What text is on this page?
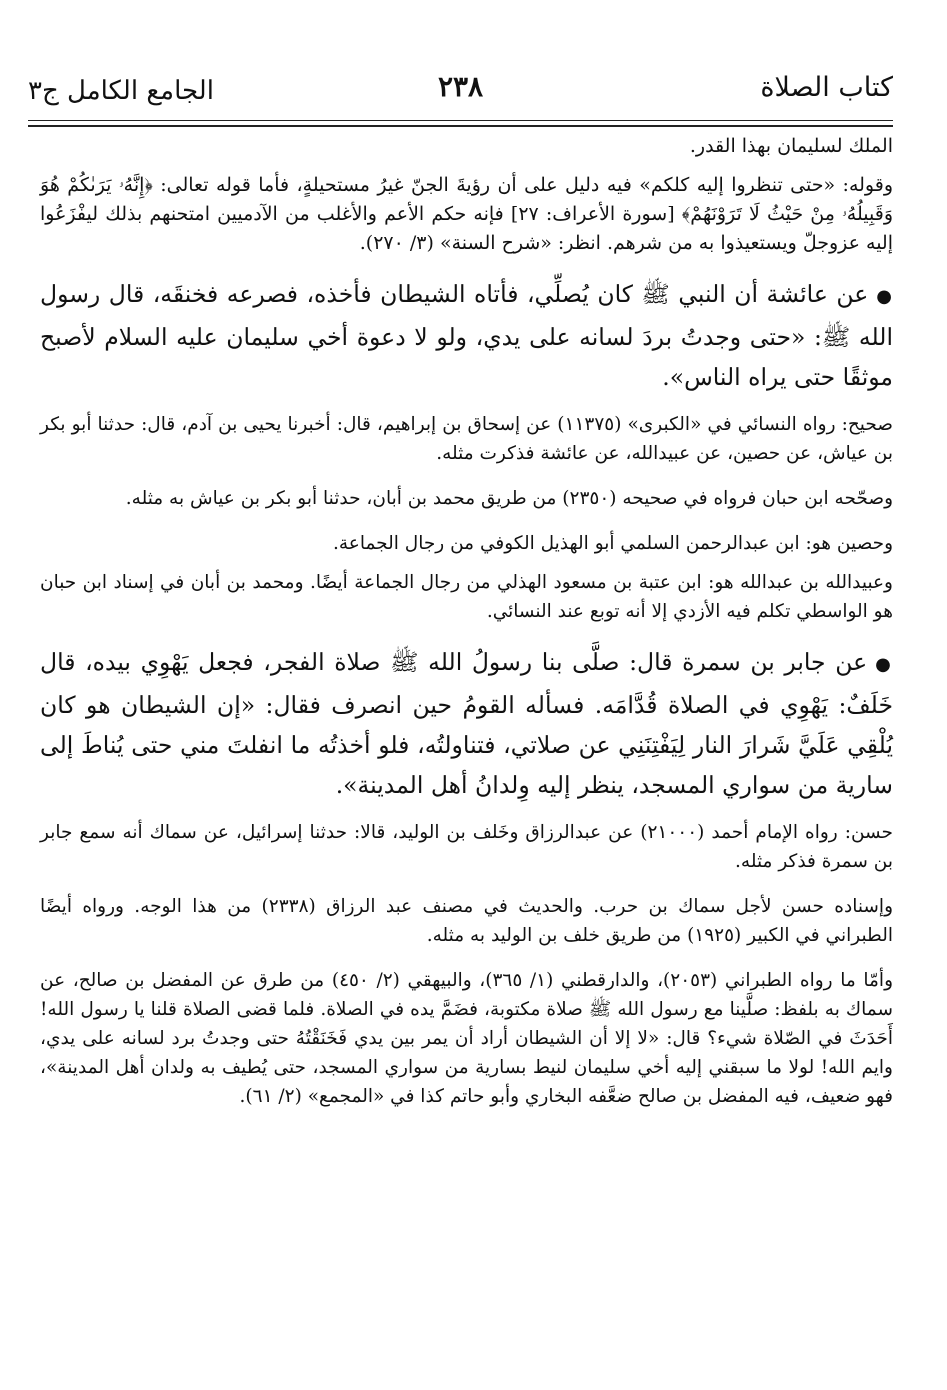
كتاب الصلاة
٢٣٨
الجامع الكامل ج٣

الملك لسليمان بهذا القدر.

وقوله: «حتى تنظروا إليه كلكم» فيه دليل على أن رؤيةَ الجنّ غيرُ مستحيلةٍ، فأما قوله تعالى: ﴿إِنَّهُۥ يَرَىٰكُمْ هُوَ وَقَبِيلُهُۥ مِنْ حَيْثُ لَا تَرَوْنَهُمْ﴾ [سورة الأعراف: ٢٧] فإنه حكم الأعم والأغلب من الآدميين امتحنهم بذلك ليفْزَعُوا إليه عزوجلّ ويستعيذوا به من شرهم. انظر: «شرح السنة» (٣/ ٢٧٠).

●عن عائشة أن النبي ﷺ كان يُصلِّي، فأتاه الشيطان فأخذه، فصرعه فخنقَه، قال رسول الله ﷺ: «حتى وجدتُ بردَ لسانه على يدي، ولو لا دعوة أخي سليمان عليه السلام لأصبح موثقًا حتى يراه الناس».

صحيح: رواه النسائي في «الكبرى» (١١٣٧٥) عن إسحاق بن إبراهيم، قال: أخبرنا يحيى بن آدم، قال: حدثنا أبو بكر بن عياش، عن حصين، عن عبيدالله، عن عائشة فذكرت مثله.

وصحّحه ابن حبان فرواه في صحيحه (٢٣٥٠) من طريق محمد بن أبان، حدثنا أبو بكر بن عياش به مثله.

وحصين هو: ابن عبدالرحمن السلمي أبو الهذيل الكوفي من رجال الجماعة.

وعبيدالله بن عبدالله هو: ابن عتبة بن مسعود الهذلي من رجال الجماعة أيضًا. ومحمد بن أبان في إسناد ابن حبان هو الواسطي تكلم فيه الأزدي إلا أنه توبع عند النسائي.

●عن جابر بن سمرة قال: صلَّى بنا رسولُ الله ﷺ صلاة الفجر، فجعل يَهْوِي بيده، قال خَلَفٌ: يَهْوِي في الصلاة قُدَّامَه. فسأله القومُ حين انصرف فقال: «إن الشيطان هو كان يُلْقِي عَلَيَّ شَرارَ النار لِيَفْتِنَنِي عن صلاتي، فتناولتُه، فلو أخذتُه ما انفلتَ مني حتى يُناطَ إلى سارية من سواري المسجد، ينظر إليه وِلدانُ أهل المدينة».

حسن: رواه الإمام أحمد (٢١٠٠٠) عن عبدالرزاق وخَلف بن الوليد، قالا: حدثنا إسرائيل، عن سماك أنه سمع جابر بن سمرة فذكر مثله.

وإسناده حسن لأجل سماك بن حرب. والحديث في مصنف عبد الرزاق (٢٣٣٨) من هذا الوجه. ورواه أيضًا الطبراني في الكبير (١٩٢٥) من طريق خلف بن الوليد به مثله.

وأمّا ما رواه الطبراني (٢٠٥٣)، والدارقطني (١/ ٣٦٥)، والبيهقي (٢/ ٤٥٠) من طرق عن المفضل بن صالح، عن سماك به بلفظ: صلَّينا مع رسول الله ﷺ صلاة مكتوبة، فضَمَّ يده في الصلاة. فلما قضى الصلاة قلنا يا رسول الله! أَحَدَثَ في الصّلاة شيء؟ قال: «لا إلا أن الشيطان أراد أن يمر بين يدي فَخَنَقْتُهُ حتى وجدتُ برد لسانه على يدي، وايم الله! لولا ما سبقني إليه أخي سليمان لنيط بسارية من سواري المسجد، حتى يُطيف به ولدان أهل المدينة»، فهو ضعيف، فيه المفضل بن صالح ضعَّفه البخاري وأبو حاتم كذا في «المجمع» (٢/ ٦١).
